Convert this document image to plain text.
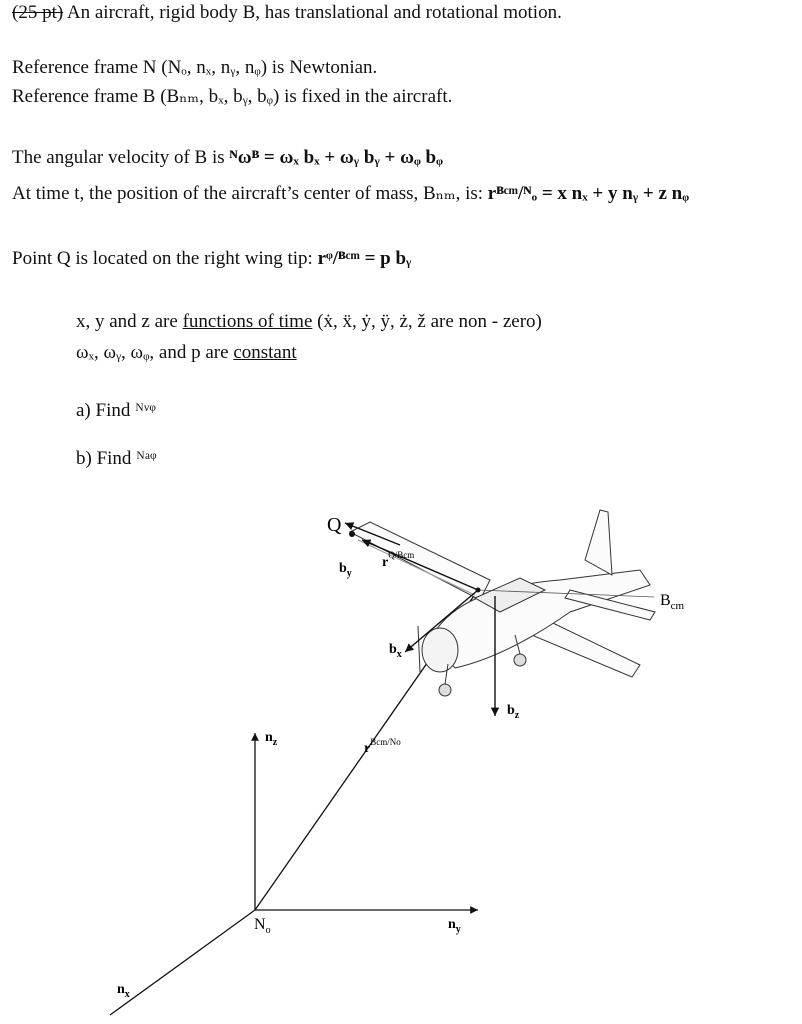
(25 pt) An aircraft, rigid body B, has translational and rotational motion.
Reference frame N (Nₒ, nₓ, nᵧ, nᵩ) is Newtonian.
Reference frame B (Bₙₘ, bₓ, bᵧ, bᵩ) is fixed in the aircraft.
The angular velocity of B is ᴺωᴮ = ωₓ bₓ + ωᵧ bᵧ + ωᵩ bᵩ
At time t, the position of the aircraft’s center of mass, Bₙₘ, is: rᴮᶜᵐ/ᴺₒ = x nₓ + y nᵧ + z nᵩ
Point Q is located on the right wing tip: rᵠ/ᴮᶜᵐ = p bᵧ
x, y and z are functions of time (ẋ, ẍ, ẏ, ÿ, ż, ž are non - zero)
ωₓ, ωᵧ, ωᵩ, and p are constant
a) Find ᴺᵛᵠ
b) Find ᴺᵃᵠ
Q
$b_y$
$r^{Q/Bcm}$
$b_x$
$b_z$
$B_{cm}$
$r^{Bcm/No}$
$n_z$
$N_o$	$n_y$
$n_x$
